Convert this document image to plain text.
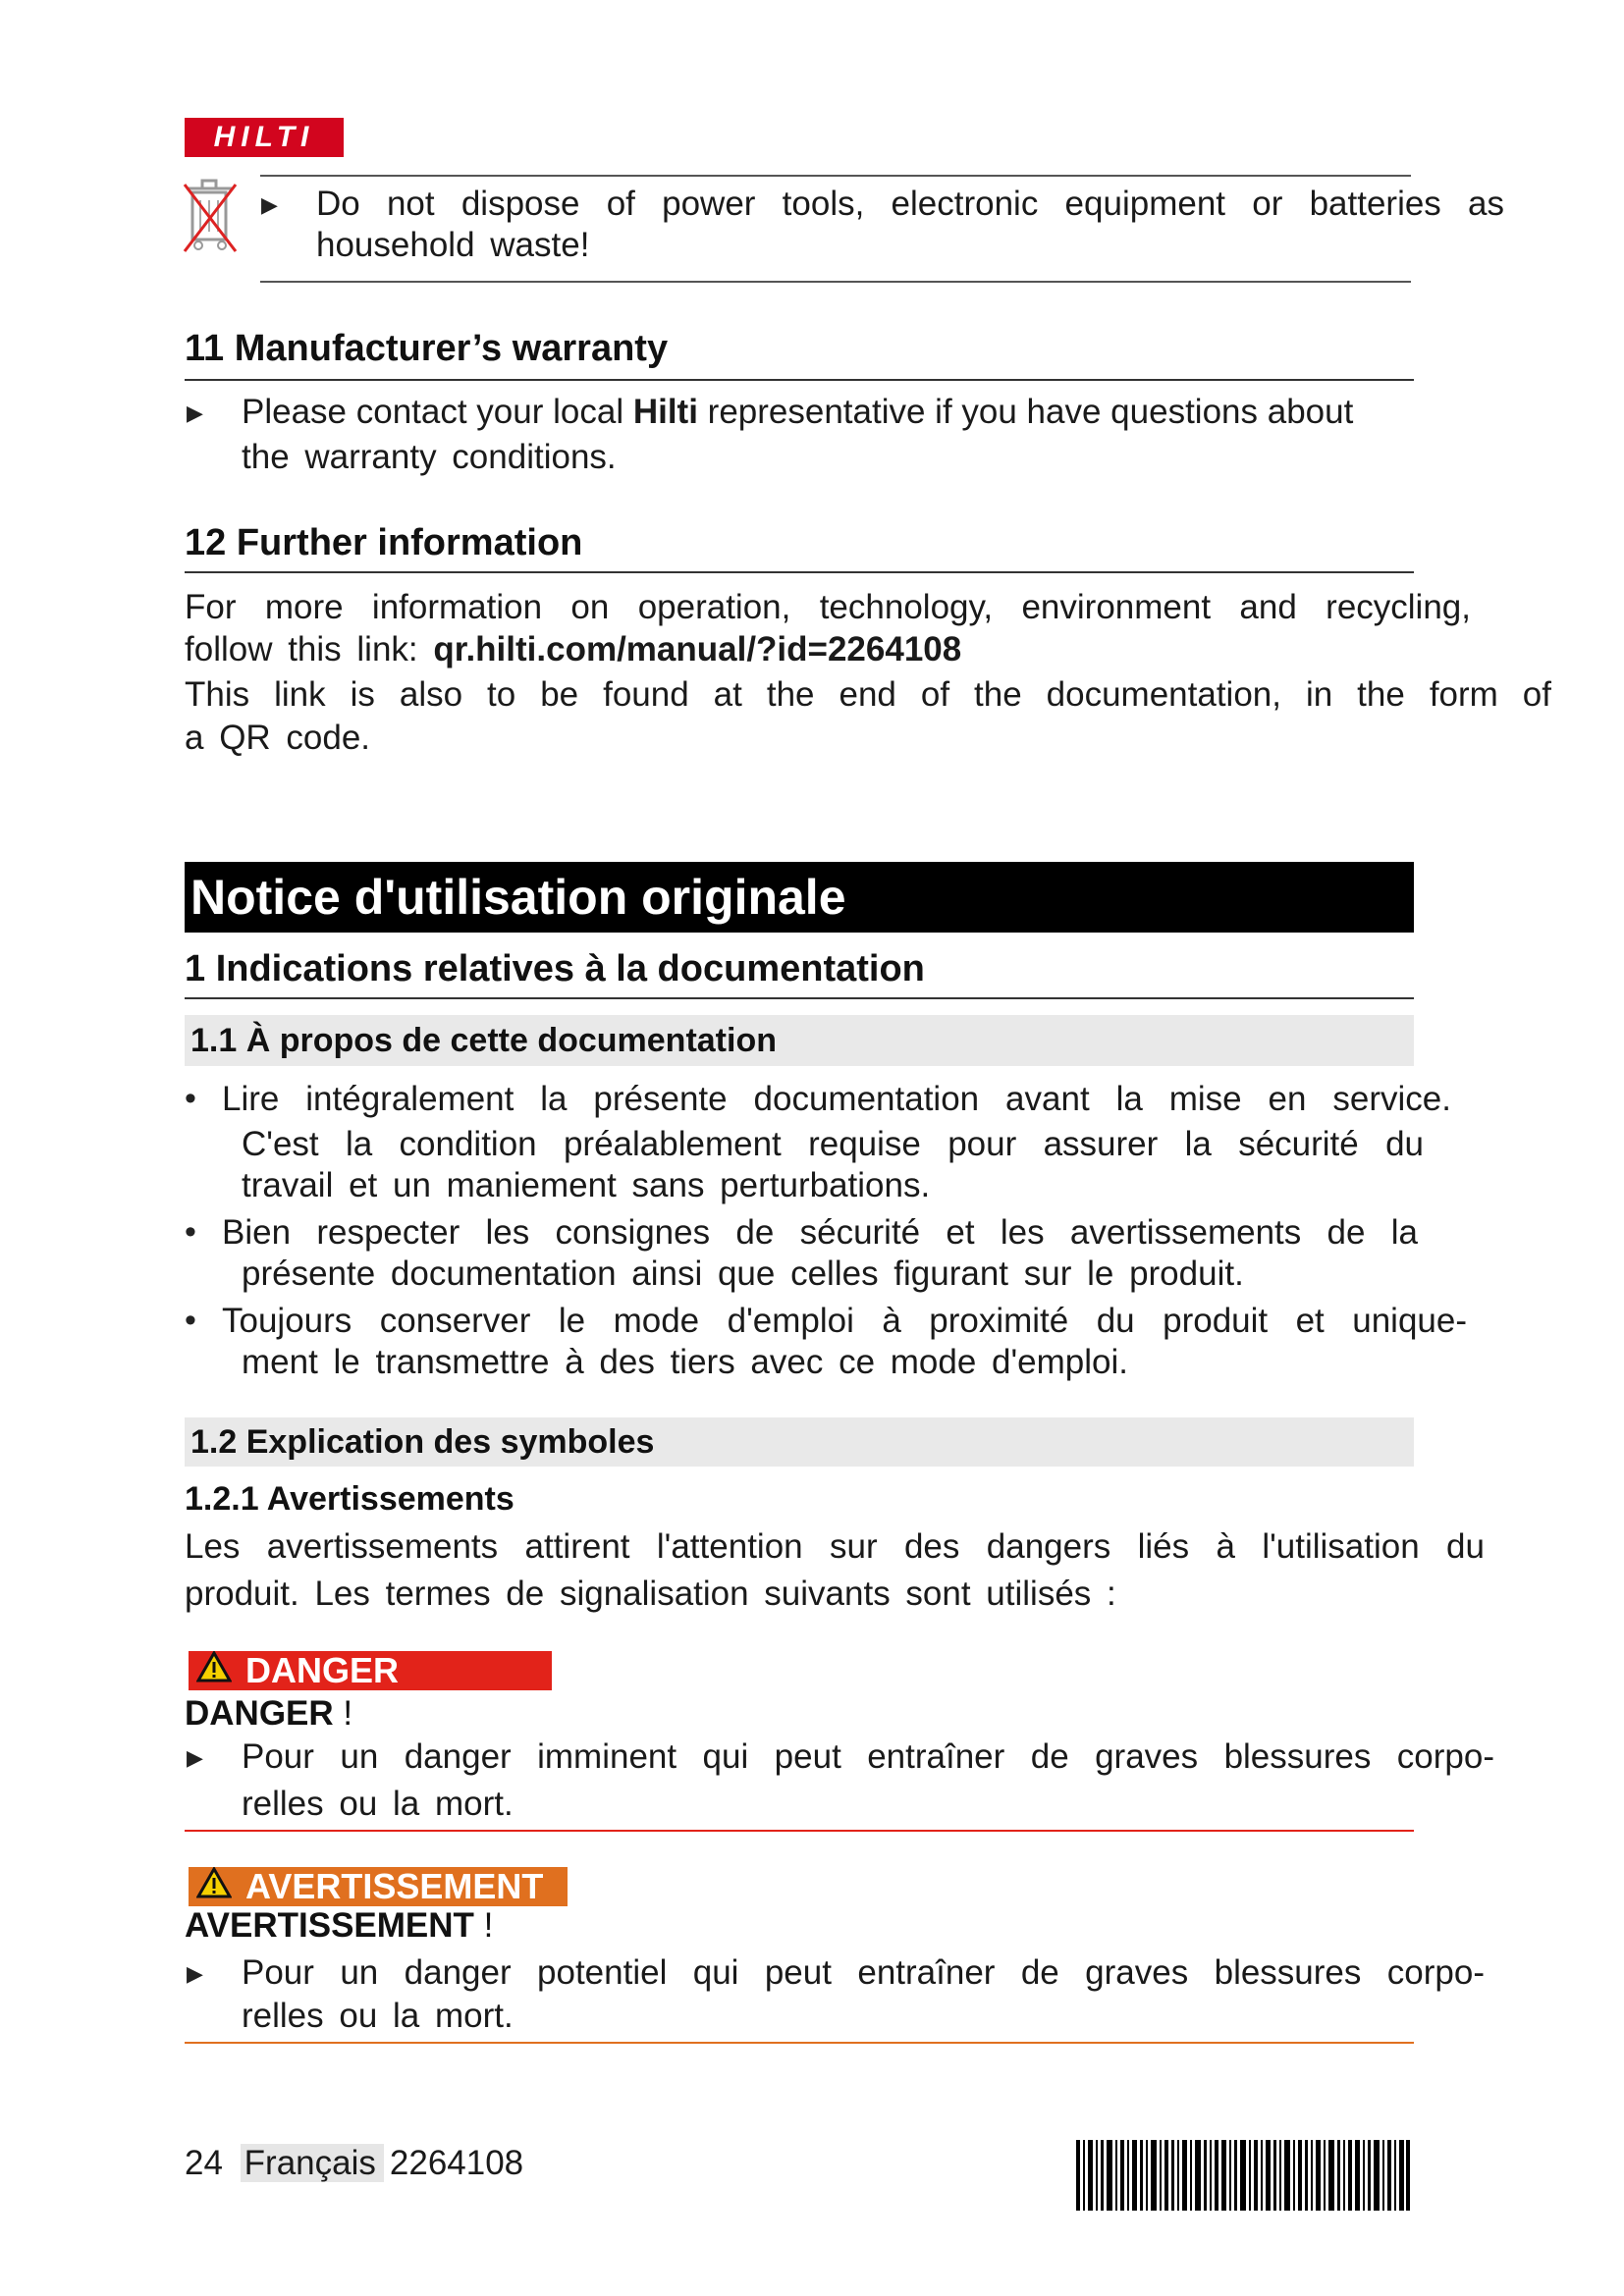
HILTI
▶ Do not dispose of power tools, electronic equipment or batteries as
household waste!
11 Manufacturer’s warranty
▶ Please contact your local Hilti representative if you have questions about
the warranty conditions.
12 Further information
For more information on operation, technology, environment and recycling,
follow this link: qr.hilti.com/manual/?id=2264108
This link is also to be found at the end of the documentation, in the form of
a QR code.
Notice d'utilisation originale
1 Indications relatives à la documentation
1.1 À propos de cette documentation
• Lire intégralement la présente documentation avant la mise en service.
C'est la condition préalablement requise pour assurer la sécurité du
travail et un maniement sans perturbations.
• Bien respecter les consignes de sécurité et les avertissements de la
présente documentation ainsi que celles figurant sur le produit.
• Toujours conserver le mode d'emploi à proximité du produit et unique-
ment le transmettre à des tiers avec ce mode d'emploi.
1.2 Explication des symboles
1.2.1 Avertissements
Les avertissements attirent l'attention sur des dangers liés à l'utilisation du
produit. Les termes de signalisation suivants sont utilisés :
DANGER
DANGER !
▶ Pour un danger imminent qui peut entraîner de graves blessures corpo-
relles ou la mort.
AVERTISSEMENT
AVERTISSEMENT !
▶ Pour un danger potentiel qui peut entraîner de graves blessures corpo-
relles ou la mort.
24 Français 2264108
